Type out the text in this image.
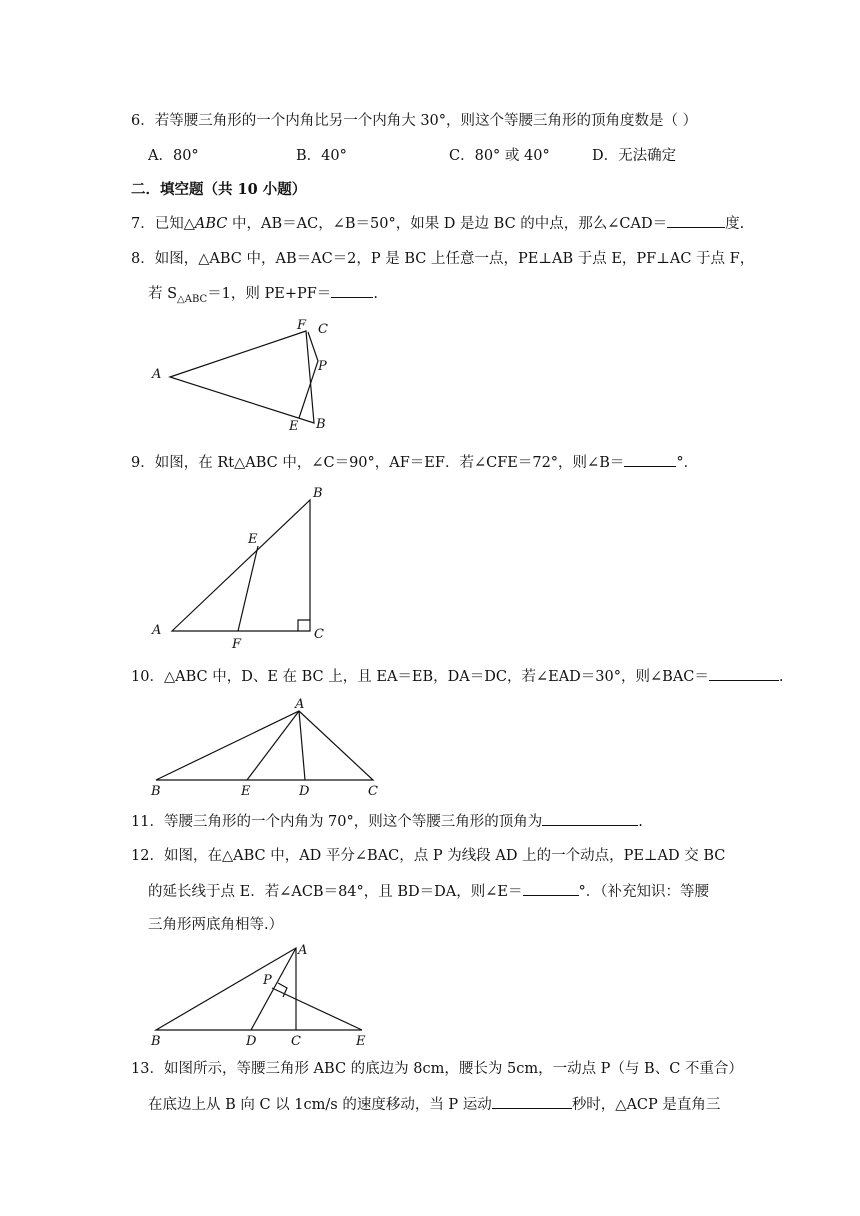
6．若等腰三角形的一个内角比另一个内角大 30°，则这个等腰三角形的顶角度数是（ ）
A．80°	B．40°	C．80° 或 40°	D．无法确定
二．填空题（共 10 小题）
7．已知△ABC 中，AB＝AC，∠B＝50°，如果 D 是边 BC 的中点，那么∠CAD＝	度.
8．如图，△ABC 中，AB＝AC＝2，P 是 BC 上任意一点，PE⊥AB 于点 E，PF⊥AC 于点 F，
若 $S_{\triangle ABC}=1$，则 PE+PF＝	.
A
F C
P
E B
9．如图，在 Rt△ABC 中，∠C＝90°，AF＝EF．若∠CFE＝72°，则∠B＝	°．
A
B
C
E
F
10．△ABC 中，D、E 在 BC 上，且 EA＝EB，DA＝DC，若∠EAD＝30°，则∠BAC＝	.
A
B	E	D	C
11．等腰三角形的一个内角为 70°，则这个等腰三角形的顶角为	.
12．如图，在△ABC 中，AD 平分∠BAC，点 P 为线段 AD 上的一个动点，PE⊥AD 交 BC
的延长线于点 E．若∠ACB＝84°，且 BD＝DA，则∠E＝	°．（补充知识：等腰
三角形两底角相等.）
A
P
B	D	C	E
13．如图所示，等腰三角形 ABC 的底边为 8cm，腰长为 5cm，一动点 P（与 B、C 不重合）
在底边上从 B 向 C 以 1cm/s 的速度移动，当 P 运动	秒时，△ACP 是直角三
